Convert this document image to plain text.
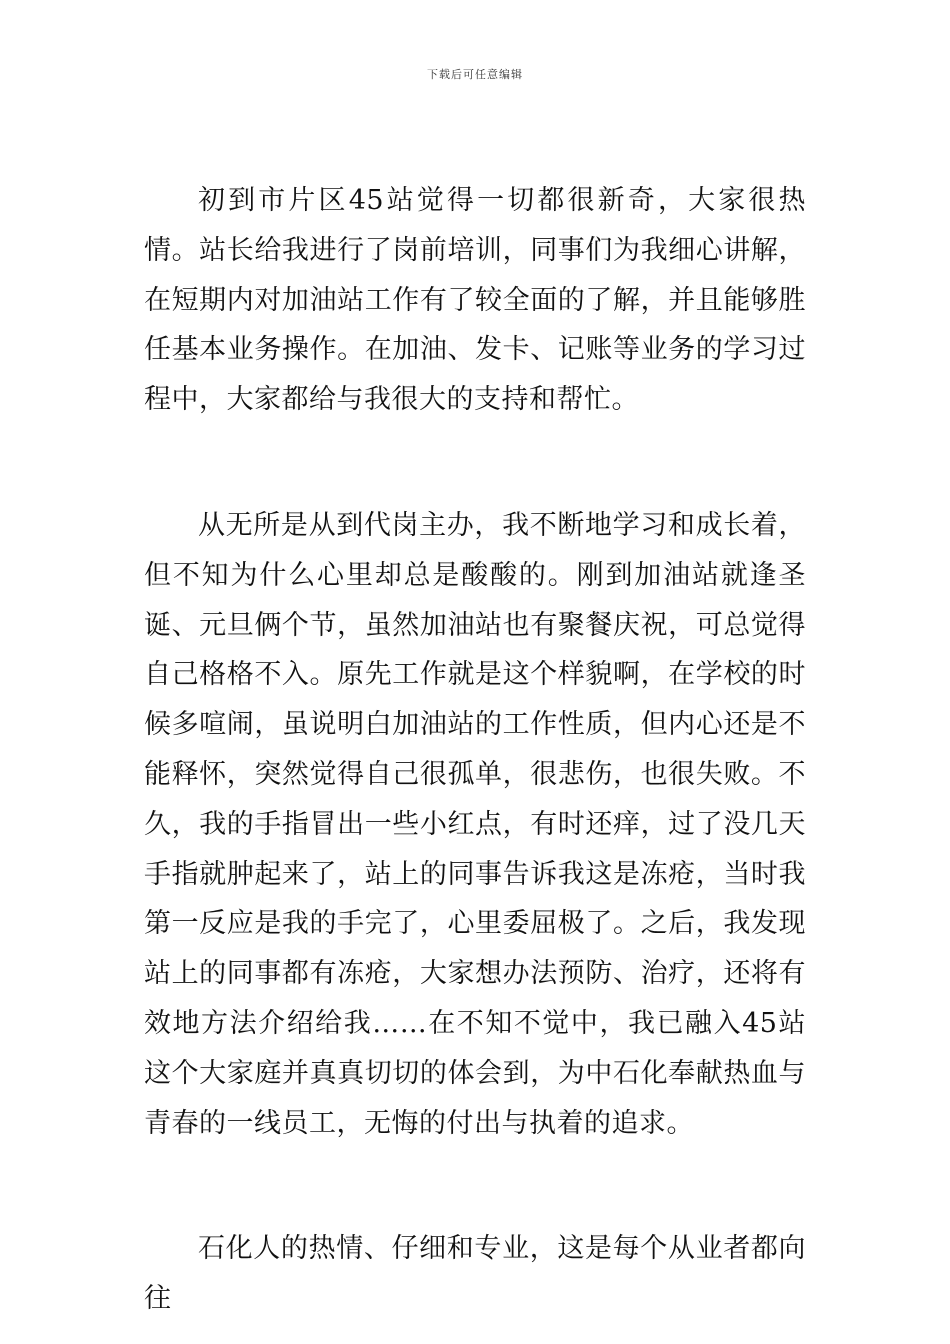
下载后可任意编辑

初到市片区45站觉得一切都很新奇，大家很热情。站长给我进行了岗前培训，同事们为我细心讲解，在短期内对加油站工作有了较全面的了解，并且能够胜任基本业务操作。在加油、发卡、记账等业务的学习过程中，大家都给与我很大的支持和帮忙。

从无所是从到代岗主办，我不断地学习和成长着，但不知为什么心里却总是酸酸的。刚到加油站就逢圣诞、元旦俩个节，虽然加油站也有聚餐庆祝，可总觉得自己格格不入。原先工作就是这个样貌啊，在学校的时候多喧闹，虽说明白加油站的工作性质，但内心还是不能释怀，突然觉得自己很孤单，很悲伤，也很失败。不久，我的手指冒出一些小红点，有时还痒，过了没几天手指就肿起来了，站上的同事告诉我这是冻疮，当时我第一反应是我的手完了，心里委屈极了。之后，我发现站上的同事都有冻疮，大家想办法预防、治疗，还将有效地方法介绍给我……在不知不觉中，我已融入45站这个大家庭并真真切切的体会到，为中石化奉献热血与青春的一线员工，无悔的付出与执着的追求。

石化人的热情、仔细和专业，这是每个从业者都向往
